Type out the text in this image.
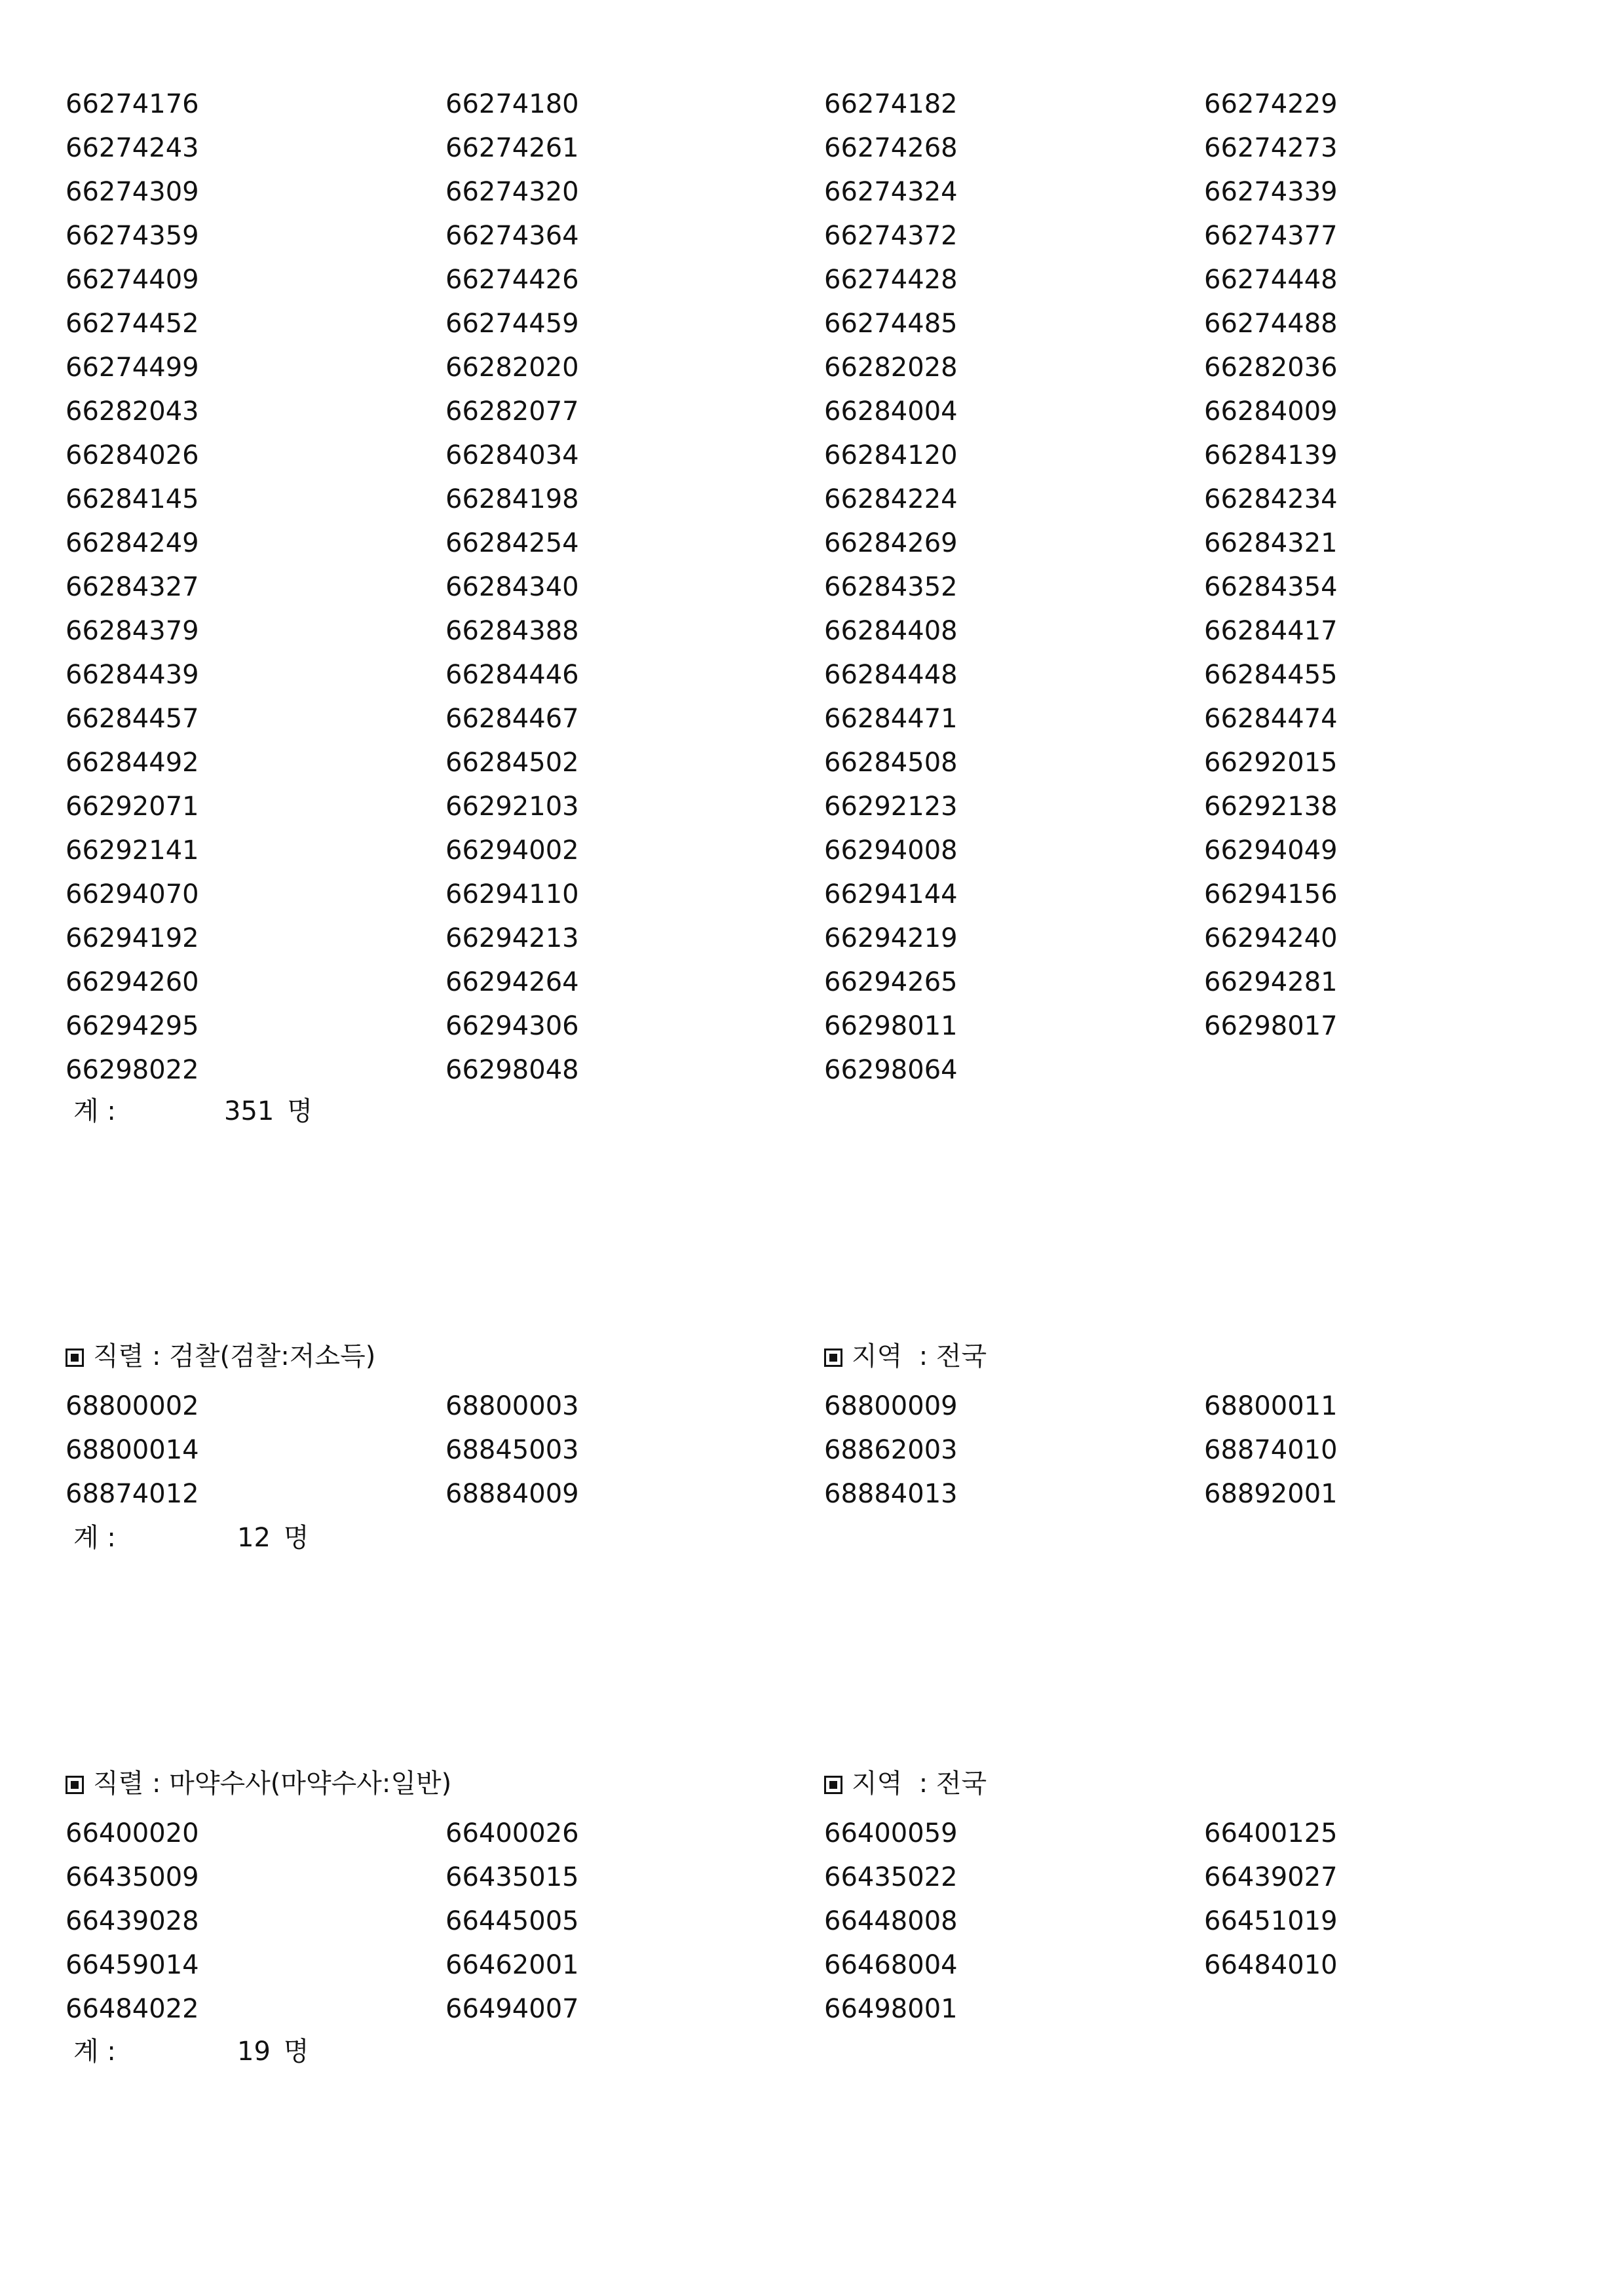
66274176	66274180	66274182	66274229
66274243	66274261	66274268	66274273
66274309	66274320	66274324	66274339
66274359	66274364	66274372	66274377
66274409	66274426	66274428	66274448
66274452	66274459	66274485	66274488
66274499	66282020	66282028	66282036
66282043	66282077	66284004	66284009
66284026	66284034	66284120	66284139
66284145	66284198	66284224	66284234
66284249	66284254	66284269	66284321
66284327	66284340	66284352	66284354
66284379	66284388	66284408	66284417
66284439	66284446	66284448	66284455
66284457	66284467	66284471	66284474
66284492	66284502	66284508	66292015
66292071	66292103	66292123	66292138
66292141	66294002	66294008	66294049
66294070	66294110	66294144	66294156
66294192	66294213	66294219	66294240
66294260	66294264	66294265	66294281
66294295	66294306	66298011	66298017
66298022	66298048	66298064
계 :	351 명
직렬 : 검찰(검찰:저소득)	지역  : 전국
68800002	68800003	68800009	68800011
68800014	68845003	68862003	68874010
68874012	68884009	68884013	68892001
계 :	12 명
직렬 : 마약수사(마약수사:일반)	지역  : 전국
66400020	66400026	66400059	66400125
66435009	66435015	66435022	66439027
66439028	66445005	66448008	66451019
66459014	66462001	66468004	66484010
66484022	66494007	66498001
계 :	19 명
